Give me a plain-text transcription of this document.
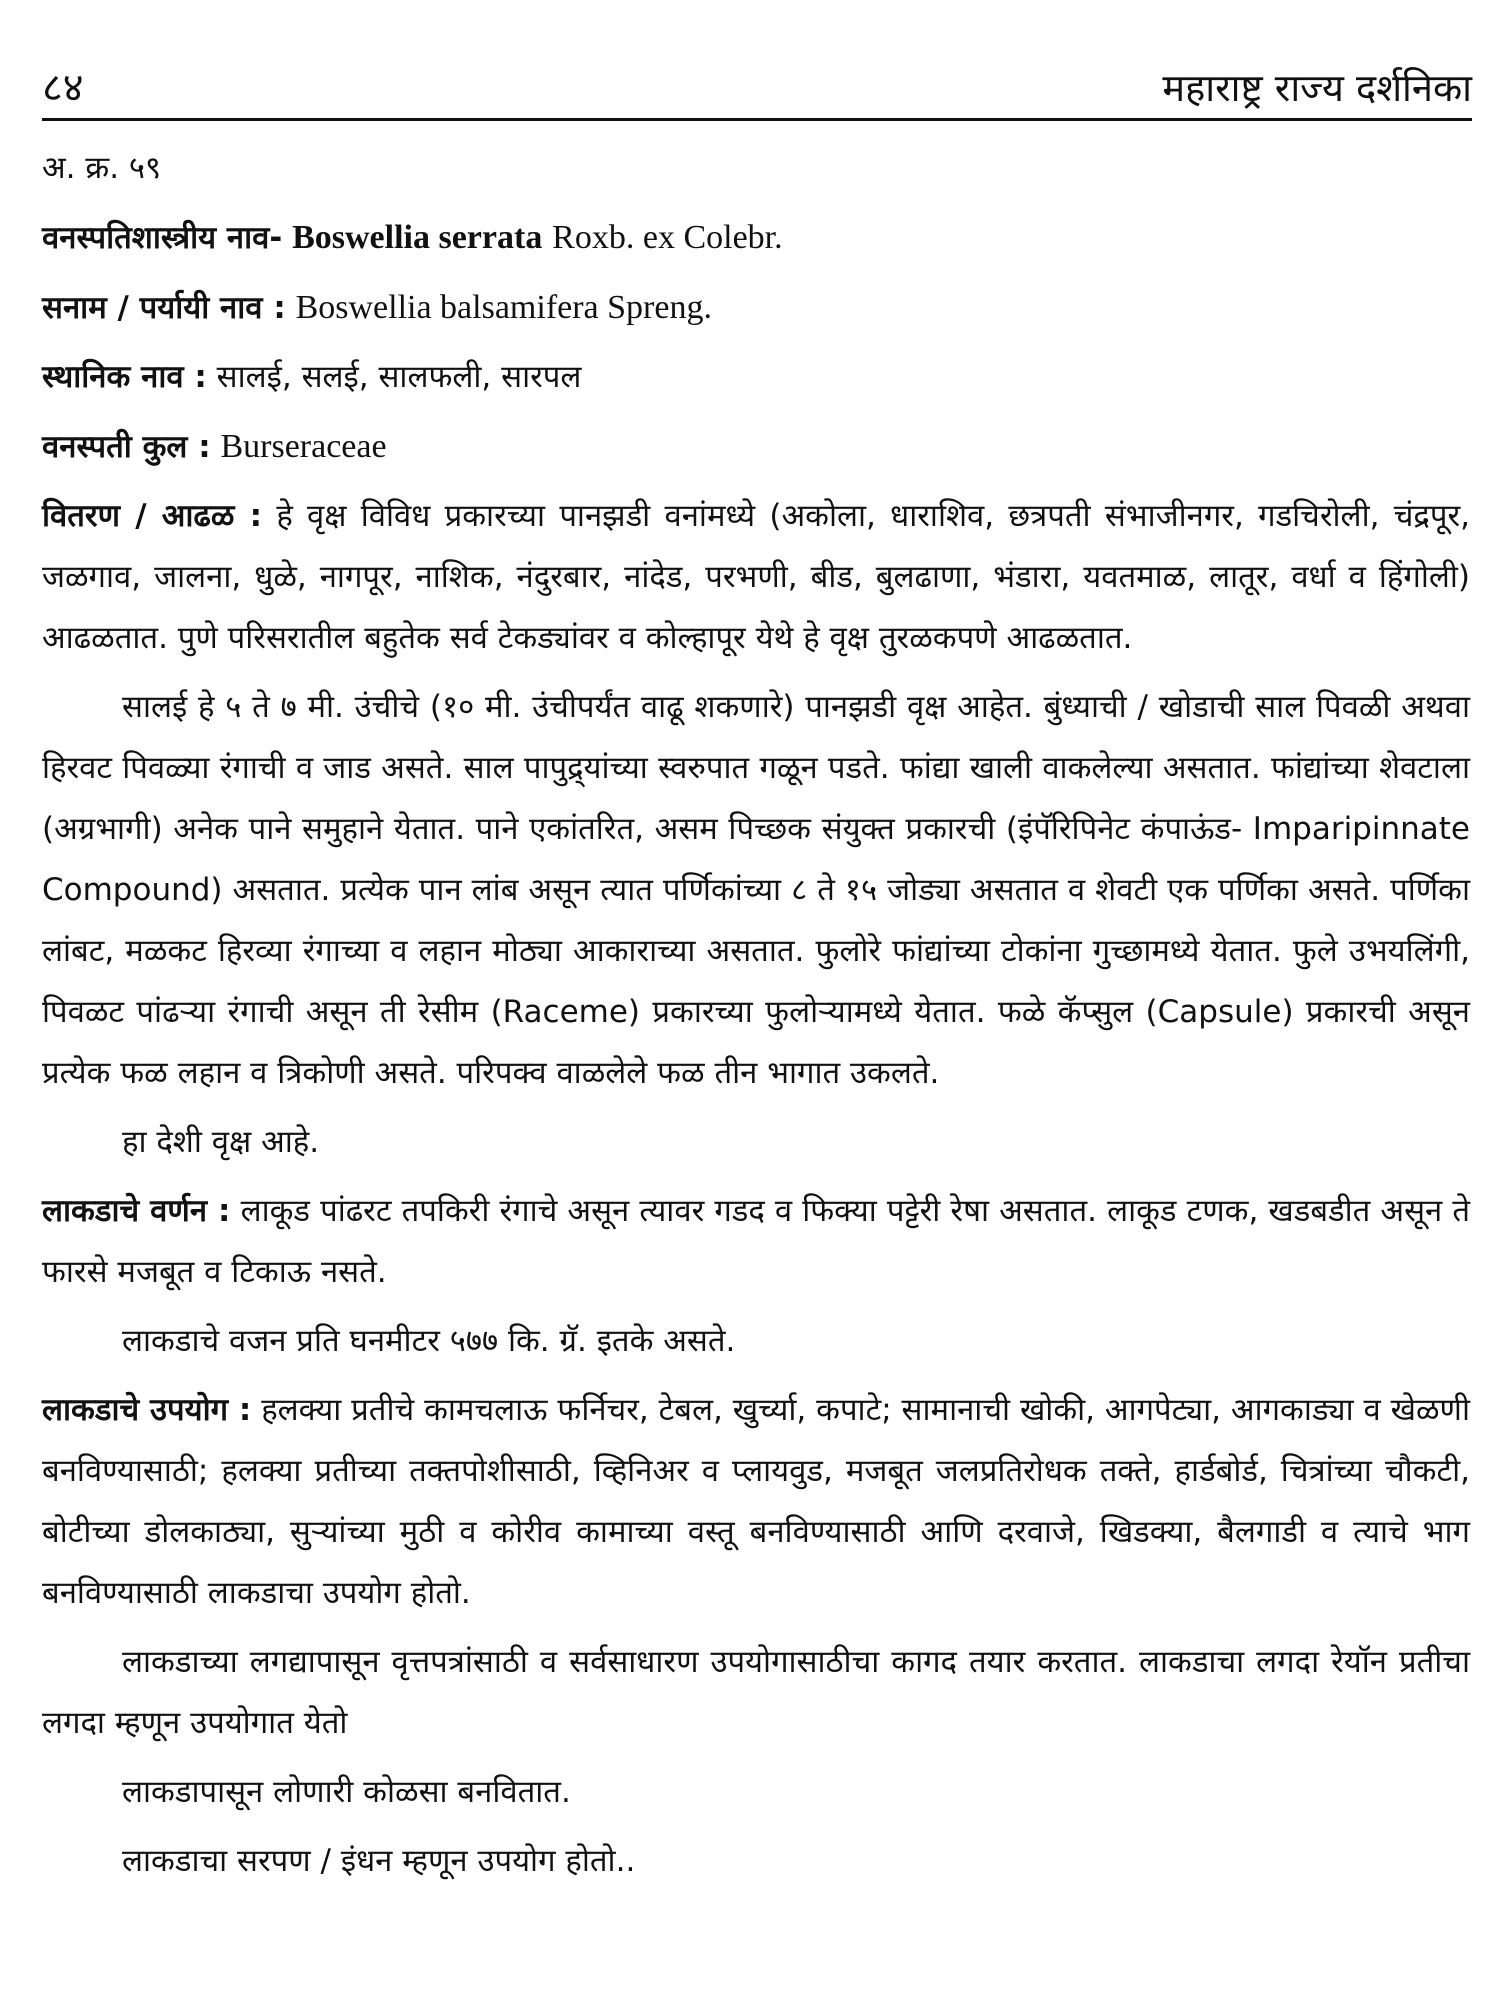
८४	महाराष्ट्र राज्य दर्शनिका

अ. क्र. ५९

वनस्पतिशास्त्रीय नाव- Boswellia serrata Roxb. ex Colebr.

सनाम / पर्यायी नाव : Boswellia balsamifera Spreng.

स्थानिक नाव : सालई, सलई, सालफली, सारपल

वनस्पती कुल : Burseraceae

वितरण / आढळ : हे वृक्ष विविध प्रकारच्या पानझडी वनांमध्ये (अकोला, धाराशिव, छत्रपती संभाजीनगर, गडचिरोली, चंद्रपूर, जळगाव, जालना, धुळे, नागपूर, नाशिक, नंदुरबार, नांदेड, परभणी, बीड, बुलढाणा, भंडारा, यवतमाळ, लातूर, वर्धा व हिंगोली) आढळतात. पुणे परिसरातील बहुतेक सर्व टेकड्यांवर व कोल्हापूर येथे हे वृक्ष तुरळकपणे आढळतात.

सालई हे ५ ते ७ मी. उंचीचे (१० मी. उंचीपर्यंत वाढू शकणारे) पानझडी वृक्ष आहेत. बुंध्याची / खोडाची साल पिवळी अथवा हिरवट पिवळ्या रंगाची व जाड असते. साल पापुद्र्यांच्या स्वरुपात गळून पडते. फांद्या खाली वाकलेल्या असतात. फांद्यांच्या शेवटाला (अग्रभागी) अनेक पाने समुहाने येतात. पाने एकांतरित, असम पिच्छक संयुक्त प्रकारची (इंपॅरिपिनेट कंपाऊंड- Imparipinnate Compound) असतात. प्रत्येक पान लांब असून त्यात पर्णिकांच्या ८ ते १५ जोड्या असतात व शेवटी एक पर्णिका असते. पर्णिका लांबट, मळकट हिरव्या रंगाच्या व लहान मोठ्या आकाराच्या असतात. फुलोरे फांद्यांच्या टोकांना गुच्छामध्ये येतात. फुले उभयलिंगी, पिवळट पांढऱ्या रंगाची असून ती रेसीम (Raceme) प्रकारच्या फुलोऱ्यामध्ये येतात. फळे कॅप्सुल (Capsule) प्रकारची असून प्रत्येक फळ लहान व त्रिकोणी असते. परिपक्व वाळलेले फळ तीन भागात उकलते.

हा देशी वृक्ष आहे.

लाकडाचे वर्णन : लाकूड पांढरट तपकिरी रंगाचे असून त्यावर गडद व फिक्या पट्टेरी रेषा असतात. लाकूड टणक, खडबडीत असून ते फारसे मजबूत व टिकाऊ नसते.

लाकडाचे वजन प्रति घनमीटर ५७७ कि. ग्रॅ. इतके असते.

लाकडाचे उपयोग : हलक्या प्रतीचे कामचलाऊ फर्निचर, टेबल, खुर्च्या, कपाटे; सामानाची खोकी, आगपेट्या, आगकाड्या व खेळणी बनविण्यासाठी; हलक्या प्रतीच्या तक्तपोशीसाठी, व्हिनिअर व प्लायवुड, मजबूत जलप्रतिरोधक तक्ते, हार्डबोर्ड, चित्रांच्या चौकटी, बोटीच्या डोलकाठ्या, सुऱ्यांच्या मुठी व कोरीव कामाच्या वस्तू बनविण्यासाठी आणि दरवाजे, खिडक्या, बैलगाडी व त्याचे भाग बनविण्यासाठी लाकडाचा उपयोग होतो.

लाकडाच्या लगद्यापासून वृत्तपत्रांसाठी व सर्वसाधारण उपयोगासाठीचा कागद तयार करतात. लाकडाचा लगदा रेयॉन प्रतीचा लगदा म्हणून उपयोगात येतो

लाकडापासून लोणारी कोळसा बनवितात.

लाकडाचा सरपण / इंधन म्हणून उपयोग होतो..
